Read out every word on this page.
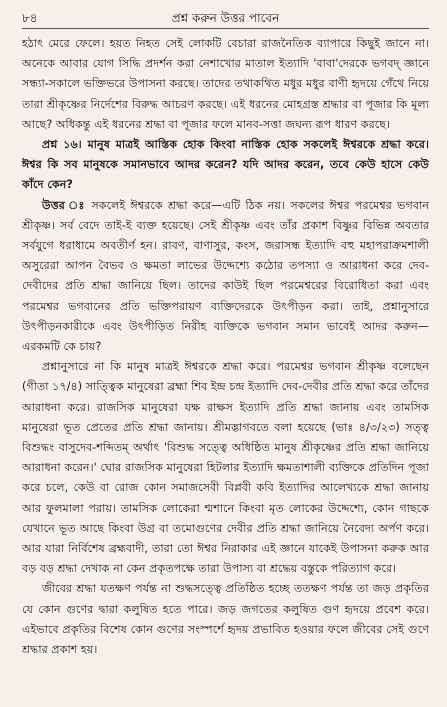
৮৪	প্রশ্ন করুন উত্তর পাবেন

হঠাৎ মেরে ফেলে। হয়ত নিহত সেই লোকটি বেচারা রাজনৈতিক ব্যাপারে কিছুই জানে না। অনেকে আবার যোগ সিদ্ধি প্রদর্শন করা নেশাখোর মাতাল ইত্যাদি 'বাবা'দেরকে ভগবদ্ জ্ঞানে সন্ধ্যা-সকালে ভক্তিভরে উপাসনা করছে। তাদের তথাকথিত মধুর মধুর বাণী হৃদয়ে গেঁথে নিয়ে তারা শ্রীকৃষ্ণের নির্দেশের বিরুদ্ধ আচরণ করছে। এই ধরনের মোহগ্রস্ত শ্রদ্ধার বা পূজার কি মূল্য আছে? অধিকন্তু এই ধরনের শ্রদ্ধা বা পূজার ফলে মানব-সত্তা জঘন্য রূপ ধারণ করছে।

প্রশ্ন ১৬। মানুষ মাত্রই আস্তিক হোক কিংবা নাস্তিক হোক সকলেই ঈশ্বরকে শ্রদ্ধা করে। ঈশ্বর কি সব মানুষকে সমানভাবে আদর করেন? যদি আদর করেন, তবে কেউ হাসে কেউ কাঁদে কেন?

উত্তর ঃ সকলেই ঈশ্বরকে শ্রদ্ধা করে—এটি ঠিক নয়। সকলের ঈশ্বর পরমেশ্বর ভগবান শ্রীকৃষ্ণ। সর্ব বেদে তাই-ই ব্যক্ত হয়েছে। সেই শ্রীকৃষ্ণ এবং তাঁর প্রকাশ বিষ্ণুর বিভিন্ন অবতার সর্বযুগে ধরাধামে অবতীর্ণ হন। রাবণ, বাণাসুর, কংস, জরাসন্ধ ইত্যাদি বহু মহাপরাক্রমশালী অসুরেরা আপন বৈভব ও ক্ষমতা লাভের উদ্দেশ্যে কঠোর তপস্যা ও আরাধনা করে দেব-দেবীদের প্রতি শ্রদ্ধা জানিয়ে ছিল। তাদের কাউই ছিল পরমেশ্বরের বিরোধিতা করা এবং পরমেশ্বর ভগবানের প্রতি ভক্তিপরায়ণ ব্যক্তিদেরকে উৎপীড়ন করা। তাই, প্রশ্নানুসারে উৎপীড়নকারীকে এবং উৎপীড়িত নিরীহ ব্যক্তিকে ভগবান সমান ভাবেই আদর করুন—এরকমটি কে চায়?

প্রশ্নানুসারে না কি মানুষ মাত্রই ঈশ্বরকে শ্রদ্ধা করে। পরমেশ্বর ভগবান শ্রীকৃষ্ণ বলেছেন (গীতা ১৭/৪) সাত্ত্বিক মানুষেরা ব্রহ্মা শিব ইন্দ্র চন্দ্র ইত্যাদি দেব-দেবীর প্রতি শ্রদ্ধা করে তাঁদের আরাধনা করে। রাজসিক মানুষেরা যক্ষ রাক্ষস ইত্যাদি প্রতি শ্রদ্ধা জানায় এবং তামসিক মানুষেরা ভূত প্রেতের প্রতি শ্রদ্ধা জানায়। শ্রীমদ্ভাগবতে বলা হয়েছে (ভাঃ ৪/৩/২৩) সত্ত্ব বিশুদ্ধং বাসুদেব-শব্দিতম্ অর্থাৎ 'বিশুদ্ধ সত্ত্বে অধিষ্ঠিত মানুষ শ্রীকৃষ্ণের প্রতি শ্রদ্ধা জানিয়ে আরাধনা করেন।' ঘোর রাজসিক মানুষেরা হিটলার ইত্যাদি ক্ষমতাশালী ব্যক্তিকে প্রতিদিন পূজা করে চলে, কেউ বা রোজ কোন সমাজসেবী বিপ্লবী কবি ইত্যাদির আলেখ্যকে শ্রদ্ধা জানায় আর ফুলমালা পরায়। তামসিক লোকেরা শ্মশানে কিংবা মৃত লোকের উদ্দেশ্যে, কোন গাছকে যেখানে ভূত আছে কিংবা উগ্র বা তমোগুণের দেবীর প্রতি শ্রদ্ধা জানিয়ে নৈবেদ্য অর্পণ করে। আর যারা নির্বিশেষ ব্রহ্মবাদী, তারা তো ঈশ্বর নিরাকার এই জ্ঞানে যাকেই উপাসনা করুক আর বড় বড় শ্রদ্ধা দেখাক না কেন প্রকৃতপক্ষে তারা উপাস্য বা শ্রদ্ধেয় বস্তুকে পরিত্যাগ করে।

জীবের শ্রদ্ধা যতক্ষণ পর্যন্ত না শুদ্ধসত্ত্বে প্রতিষ্ঠিত হচ্ছে ততক্ষণ পর্যন্ত তা জড় প্রকৃতির যে কোন গুণের দ্বারা কলুষিত হতে পারে। জড় জগতের কলুষিত গুণ হৃদয়ে প্রবেশ করে। এইভাবে প্রকৃতির বিশেষ কোন গুণের সংস্পর্শে হৃদয় প্রভাবিত হওয়ার ফলে জীবের সেই গুণে শ্রদ্ধার প্রকাশ হয়।
